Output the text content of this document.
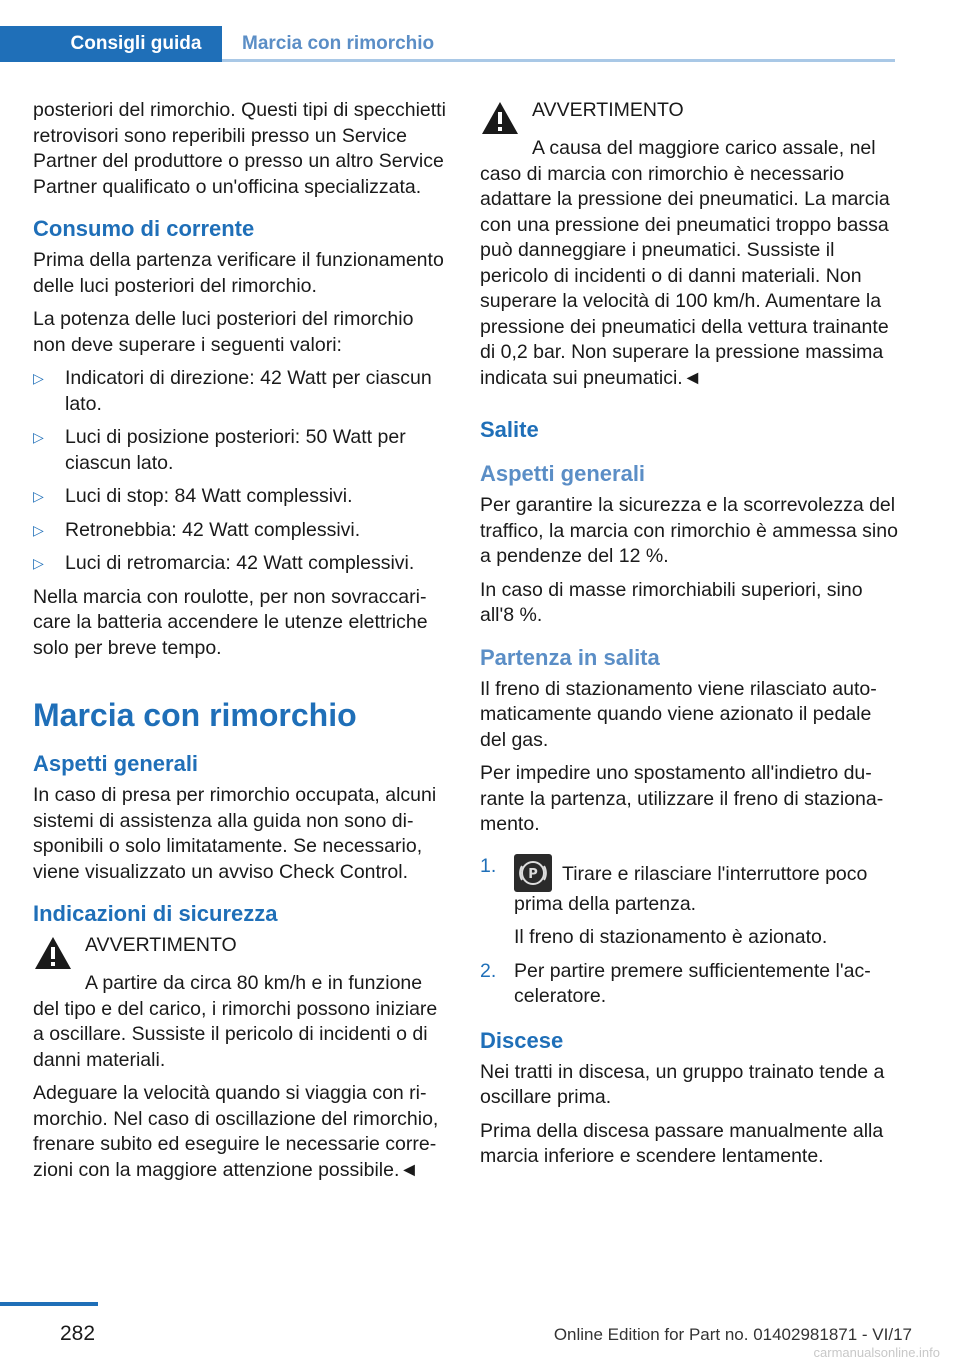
Consigli guida	Marcia con rimorchio

posteriori del rimorchio. Questi tipi di specchietti retrovisori sono reperibili presso un Service Partner del produttore o presso un altro Service Partner qualificato o un'officina specializzata.

Consumo di corrente

Prima della partenza verificare il funzionamento delle luci posteriori del rimorchio.

La potenza delle luci posteriori del rimorchio non deve superare i seguenti valori:

▷ Indicatori di direzione: 42 Watt per ciascun lato.
▷ Luci di posizione posteriori: 50 Watt per ciascun lato.
▷ Luci di stop: 84 Watt complessivi.
▷ Retronebbia: 42 Watt complessivi.
▷ Luci di retromarcia: 42 Watt complessivi.

Nella marcia con roulotte, per non sovraccaricare la batteria accendere le utenze elettriche solo per breve tempo.

Marcia con rimorchio
Aspetti generali

In caso di presa per rimorchio occupata, alcuni sistemi di assistenza alla guida non sono disponibili o solo limitatamente. Se necessario, viene visualizzato un avviso Check Control.

Indicazioni di sicurezza
AVVERTIMENTO

A partire da circa 80 km/h e in funzione del tipo e del carico, i rimorchi possono iniziare a oscillare. Sussiste il pericolo di incidenti o di danni materiali.

Adeguare la velocità quando si viaggia con rimorchio. Nel caso di oscillazione del rimorchio, frenare subito ed eseguire le necessarie correzioni con la maggiore attenzione possibile.◄

AVVERTIMENTO

A causa del maggiore carico assale, nel caso di marcia con rimorchio è necessario adattare la pressione dei pneumatici. La marcia con una pressione dei pneumatici troppo bassa può danneggiare i pneumatici. Sussiste il pericolo di incidenti o di danni materiali. Non superare la velocità di 100 km/h. Aumentare la pressione dei pneumatici della vettura trainante di 0,2 bar. Non superare la pressione massima indicata sui pneumatici.◄

Salite
Aspetti generali

Per garantire la sicurezza e la scorrevolezza del traffico, la marcia con rimorchio è ammessa sino a pendenze del 12 %.

In caso di masse rimorchiabili superiori, sino all'8 %.

Partenza in salita

Il freno di stazionamento viene rilasciato automaticamente quando viene azionato il pedale del gas.

Per impedire uno spostamento all'indietro durante la partenza, utilizzare il freno di stazionamento.

1. P Tirare e rilasciare l'interruttore poco prima della partenza.
Il freno di stazionamento è azionato.
2. Per partire premere sufficientemente l'acceleratore.
Discese

Nei tratti in discesa, un gruppo trainato tende a oscillare prima.

Prima della discesa passare manualmente alla marcia inferiore e scendere lentamente.

282	Online Edition for Part no. 01402981871 - VI/17
carmanualsonline.info
